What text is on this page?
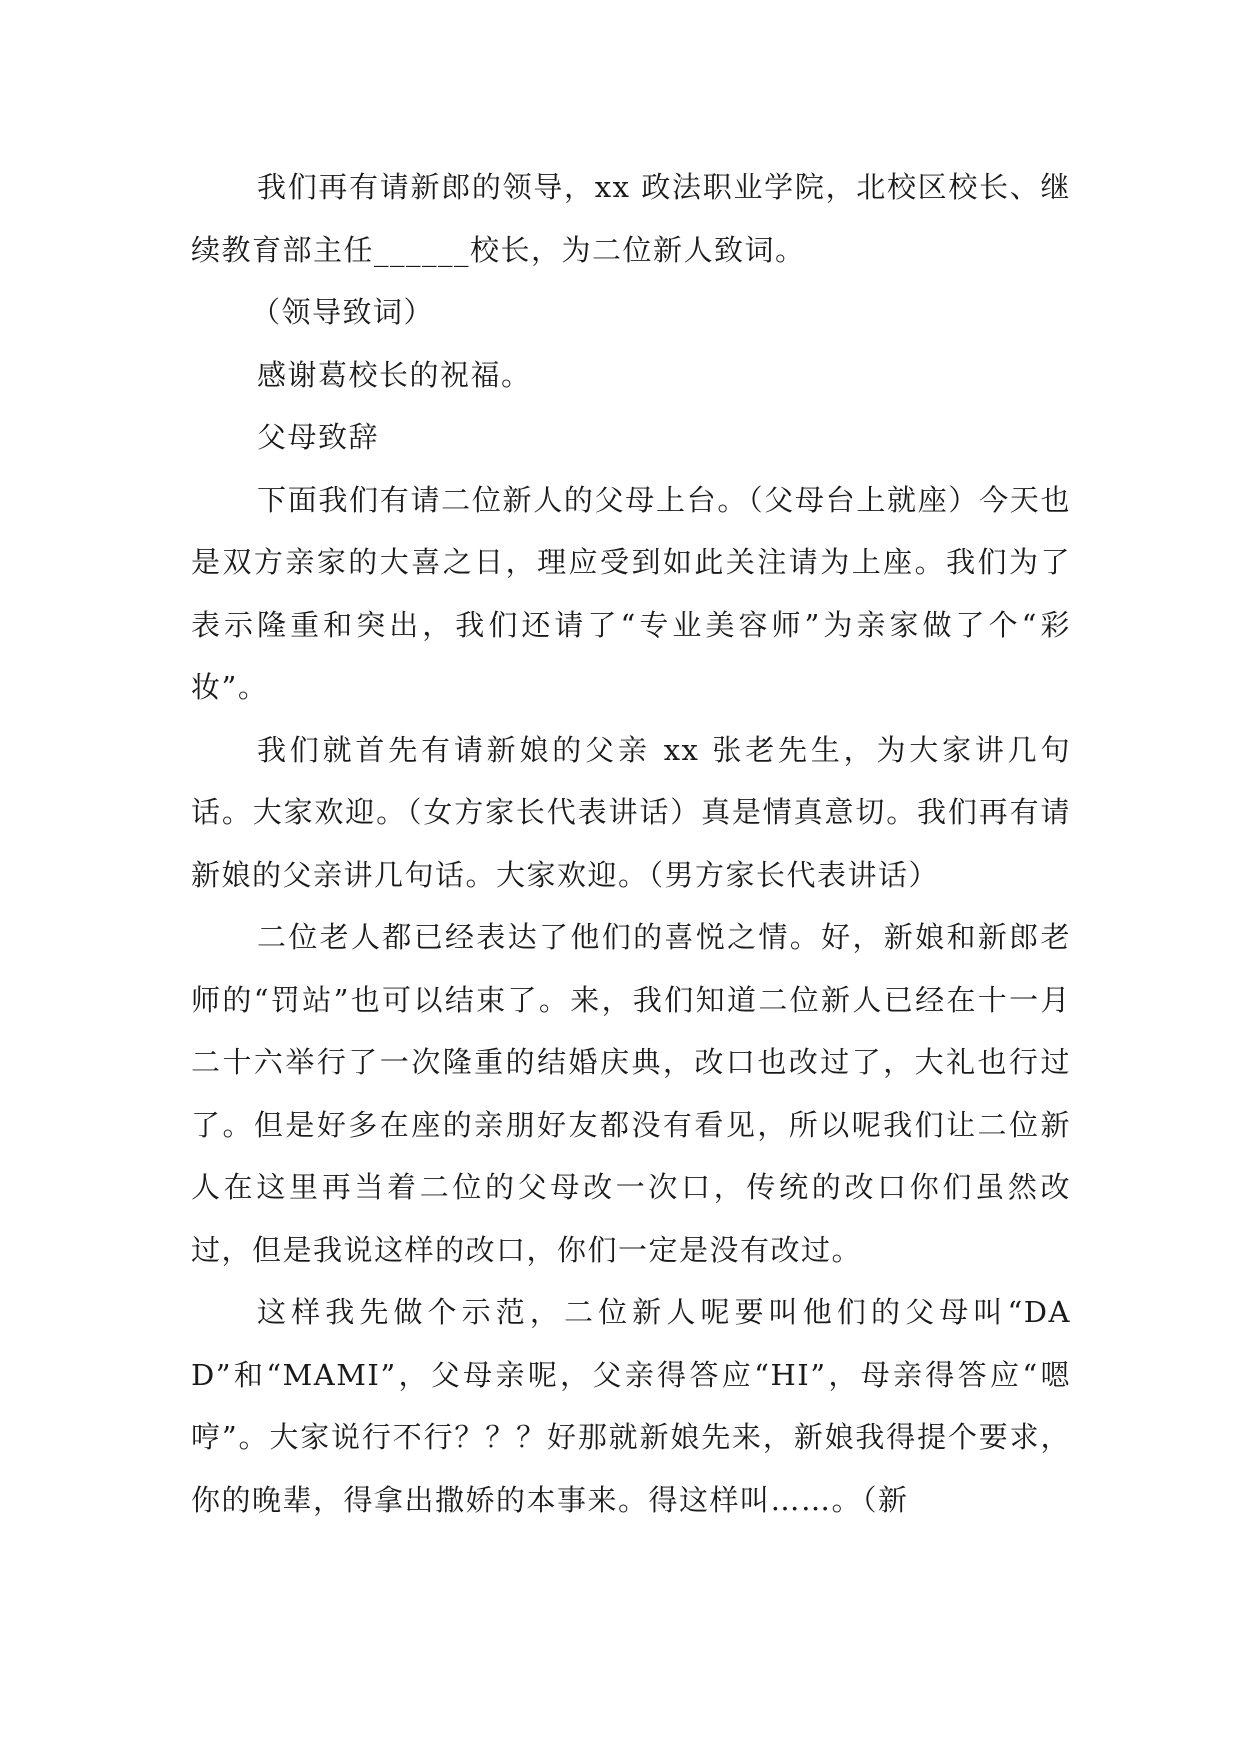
我们再有请新郎的领导，xx 政法职业学院，北校区校长、继续教育部主任______校长，为二位新人致词。

（领导致词）

感谢葛校长的祝福。

父母致辞

下面我们有请二位新人的父母上台。（父母台上就座）今天也是双方亲家的大喜之日，理应受到如此关注请为上座。我们为了表示隆重和突出，我们还请了“专业美容师”为亲家做了个“彩妆”。

我们就首先有请新娘的父亲 xx 张老先生，为大家讲几句话。大家欢迎。（女方家长代表讲话）真是情真意切。我们再有请新娘的父亲讲几句话。大家欢迎。（男方家长代表讲话）

二位老人都已经表达了他们的喜悦之情。好，新娘和新郎老师的“罚站”也可以结束了。来，我们知道二位新人已经在十一月二十六举行了一次隆重的结婚庆典，改口也改过了，大礼也行过了。但是好多在座的亲朋好友都没有看见，所以呢我们让二位新人在这里再当着二位的父母改一次口，传统的改口你们虽然改过，但是我说这样的改口，你们一定是没有改过。

这样我先做个示范，二位新人呢要叫他们的父母叫“DAD”和“MAMI”，父母亲呢，父亲得答应“HI”，母亲得答应“嗯哼”。大家说行不行？？？好那就新娘先来，新娘我得提个要求，你的晚辈，得拿出撒娇的本事来。得这样叫……。（新
